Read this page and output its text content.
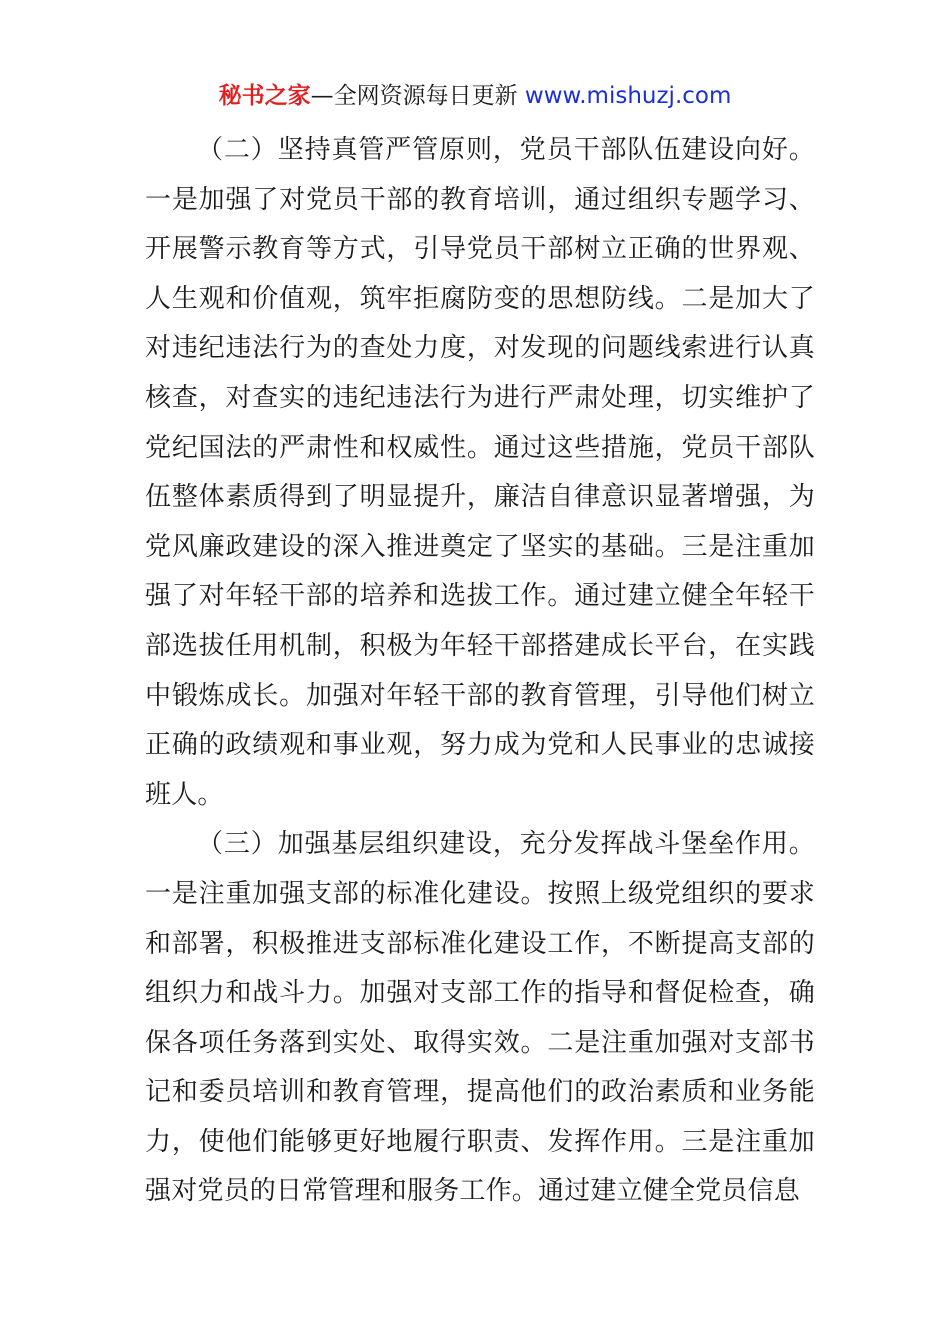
秘书之家—全网资源每日更新 www.mishuzj.com

（二）坚持真管严管原则，党员干部队伍建设向好。一是加强了对党员干部的教育培训，通过组织专题学习、开展警示教育等方式，引导党员干部树立正确的世界观、人生观和价值观，筑牢拒腐防变的思想防线。二是加大了对违纪违法行为的查处力度，对发现的问题线索进行认真核查，对查实的违纪违法行为进行严肃处理，切实维护了党纪国法的严肃性和权威性。通过这些措施，党员干部队伍整体素质得到了明显提升，廉洁自律意识显著增强，为党风廉政建设的深入推进奠定了坚实的基础。三是注重加强了对年轻干部的培养和选拔工作。通过建立健全年轻干部选拔任用机制，积极为年轻干部搭建成长平台，在实践中锻炼成长。加强对年轻干部的教育管理，引导他们树立正确的政绩观和事业观，努力成为党和人民事业的忠诚接班人。

（三）加强基层组织建设，充分发挥战斗堡垒作用。一是注重加强支部的标准化建设。按照上级党组织的要求和部署，积极推进支部标准化建设工作，不断提高支部的组织力和战斗力。加强对支部工作的指导和督促检查，确保各项任务落到实处、取得实效。二是注重加强对支部书记和委员培训和教育管理，提高他们的政治素质和业务能力，使他们能够更好地履行职责、发挥作用。三是注重加强对党员的日常管理和服务工作。通过建立健全党员信息
